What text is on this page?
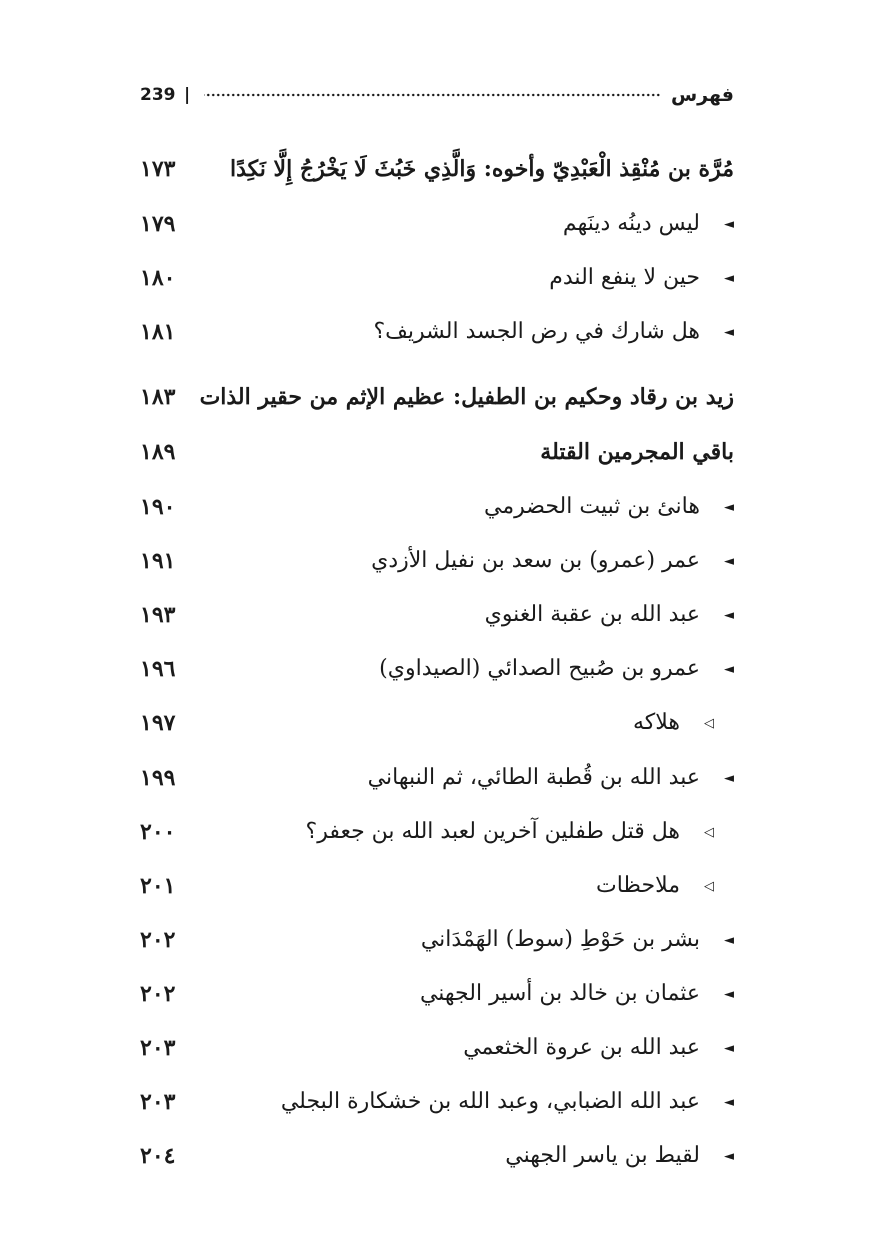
239 |	فهرس
مُرَّة بن مُنْقِذ الْعَبْدِيّ وأخوه: وَالَّذِي خَبُثَ لَا يَخْرُجُ إِلَّا نَكِدًا
١٧٣
◄
ليس دينُه دينَهم
١٧٩
◄
حين لا ينفع الندم
١٨٠
◄
هل شارك في رض الجسد الشريف؟
١٨١
زيد بن رقاد وحكيم بن الطفيل: عظيم الإثم من حقير الذات
١٨٣
باقي المجرمين القتلة
١٨٩
◄
هانئ بن ثبيت الحضرمي
١٩٠
◄
عمر (عمرو) بن سعد بن نفيل الأزدي
١٩١
◄
عبد الله بن عقبة الغنوي
١٩٣
◄
عمرو بن صُبيح الصدائي (الصيداوي)
١٩٦
◁
هلاكه
١٩٧
◄
عبد الله بن قُطبة الطائي، ثم النبهاني
١٩٩
◁
هل قتل طفلين آخرين لعبد الله بن جعفر؟
٢٠٠
◁
ملاحظات
٢٠١
◄
بشر بن حَوْطِ (سوط) الهَمْدَاني
٢٠٢
◄
عثمان بن خالد بن أسير الجهني
٢٠٢
◄
عبد الله بن عروة الخثعمي
٢٠٣
◄
عبد الله الضبابي، وعبد الله بن خشكارة البجلي
٢٠٣
◄
لقيط بن ياسر الجهني
٢٠٤
